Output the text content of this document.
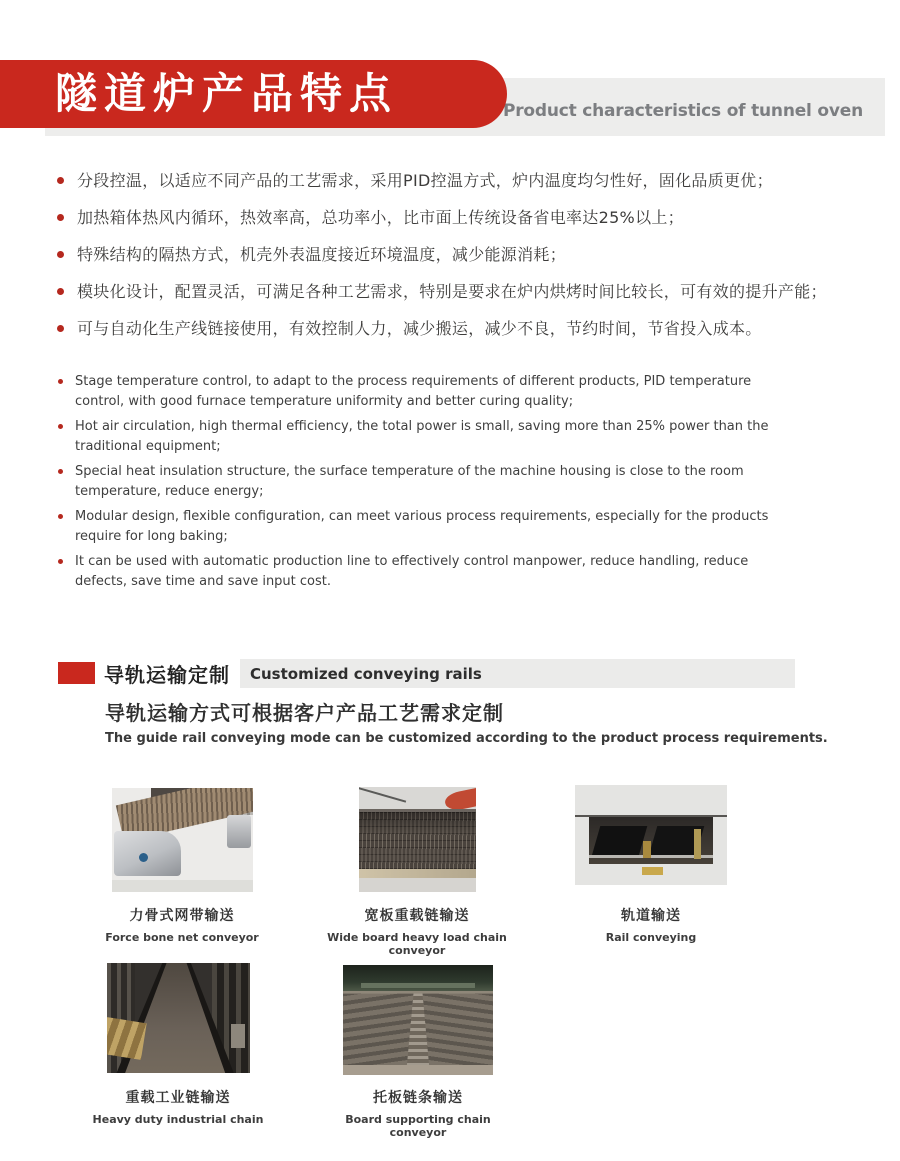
Product characteristics of tunnel oven
隧道炉产品特点
分段控温，以适应不同产品的工艺需求，采用PID控温方式，炉内温度均匀性好，固化品质更优；
加热箱体热风内循环，热效率高，总功率小，比市面上传统设备省电率达25%以上；
特殊结构的隔热方式，机壳外表温度接近环境温度，减少能源消耗；
模块化设计，配置灵活，可满足各种工艺需求，特别是要求在炉内烘烤时间比较长，可有效的提升产能；
可与自动化生产线链接使用，有效控制人力，减少搬运，减少不良，节约时间，节省投入成本。
Stage temperature control, to adapt to the process requirements of different products, PID temperature control, with good furnace temperature uniformity and better curing quality;
Hot air circulation, high thermal efficiency, the total power is small, saving more than 25% power than the traditional equipment;
Special heat insulation structure, the surface temperature of the machine housing is close to the room temperature, reduce energy;
Modular design, flexible configuration, can meet various process requirements, especially for the products require for long baking;
It can be used with automatic production line to effectively control manpower, reduce handling, reduce defects, save time and save input cost.
Customized conveying rails
导轨运输定制
导轨运输方式可根据客户产品工艺需求定制
The guide rail conveying mode can be customized according to the product process requirements.
力骨式网带输送
Force bone net conveyor
宽板重载链输送
Wide board heavy load chain conveyor
轨道输送
Rail conveying
重载工业链输送
Heavy duty industrial chain
托板链条输送
Board supporting chain conveyor
